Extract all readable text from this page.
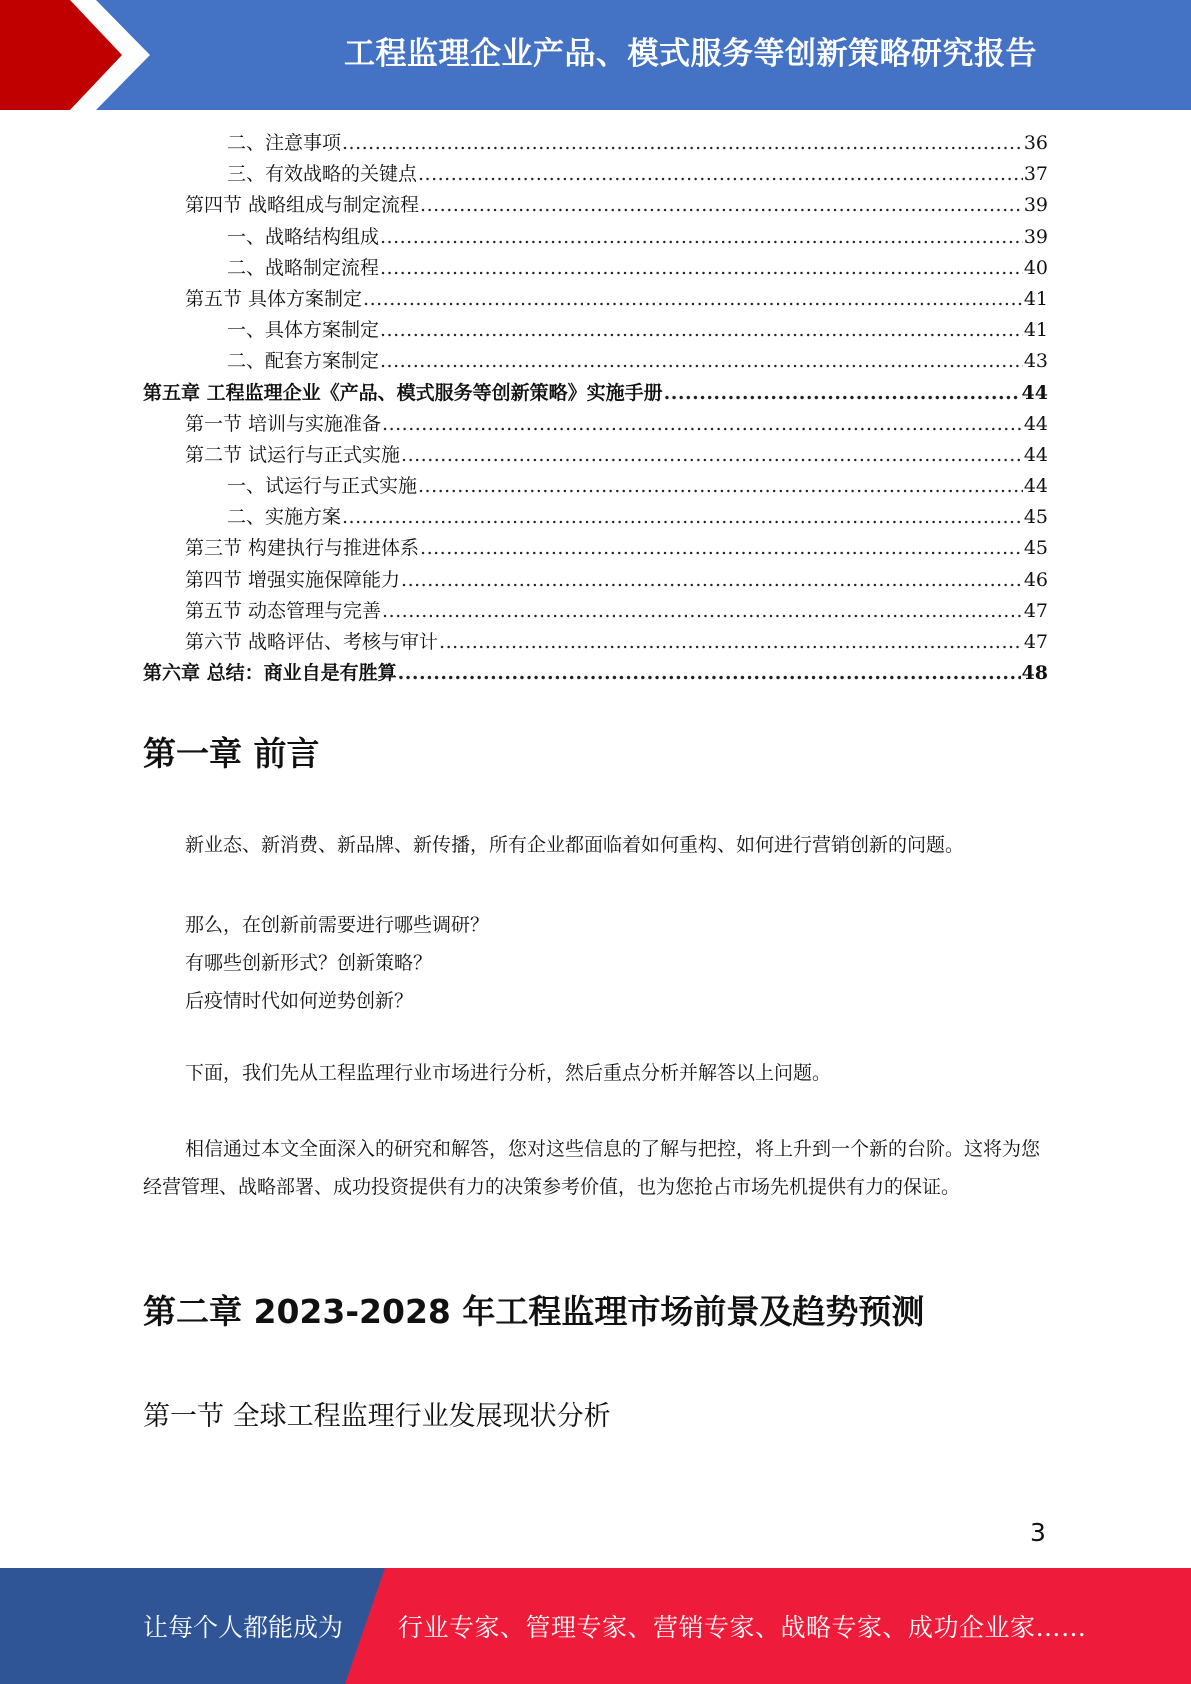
工程监理企业产品、模式服务等创新策略研究报告
二、注意事项 .....	36
三、有效战略的关键点 .....	37
第四节 战略组成与制定流程 .....	39
一、战略结构组成 .....	39
二、战略制定流程 .....	40
第五节 具体方案制定 .....	41
一、具体方案制定 .....	41
二、配套方案制定 .....	43
第五章 工程监理企业《产品、模式服务等创新策略》实施手册 .....	44
第一节 培训与实施准备 .....	44
第二节 试运行与正式实施 .....	44
一、试运行与正式实施 .....	44
二、实施方案 .....	45
第三节 构建执行与推进体系 .....	45
第四节 增强实施保障能力 .....	46
第五节 动态管理与完善 .....	47
第六节 战略评估、考核与审计 .....	47
第六章 总结：商业自是有胜算 .....	48
第一章 前言

新业态、新消费、新品牌、新传播，所有企业都面临着如何重构、如何进行营销创新的问题。

那么，在创新前需要进行哪些调研？

有哪些创新形式？创新策略？

后疫情时代如何逆势创新？

下面，我们先从工程监理行业市场进行分析，然后重点分析并解答以上问题。

相信通过本文全面深入的研究和解答，您对这些信息的了解与把控，将上升到一个新的台阶。这将为您经营管理、战略部署、成功投资提供有力的决策参考价值，也为您抢占市场先机提供有力的保证。

第二章 2023-2028 年工程监理市场前景及趋势预测
第一节 全球工程监理行业发展现状分析
3
让每个人都能成为 行业专家、管理专家、营销专家、战略专家、成功企业家……
